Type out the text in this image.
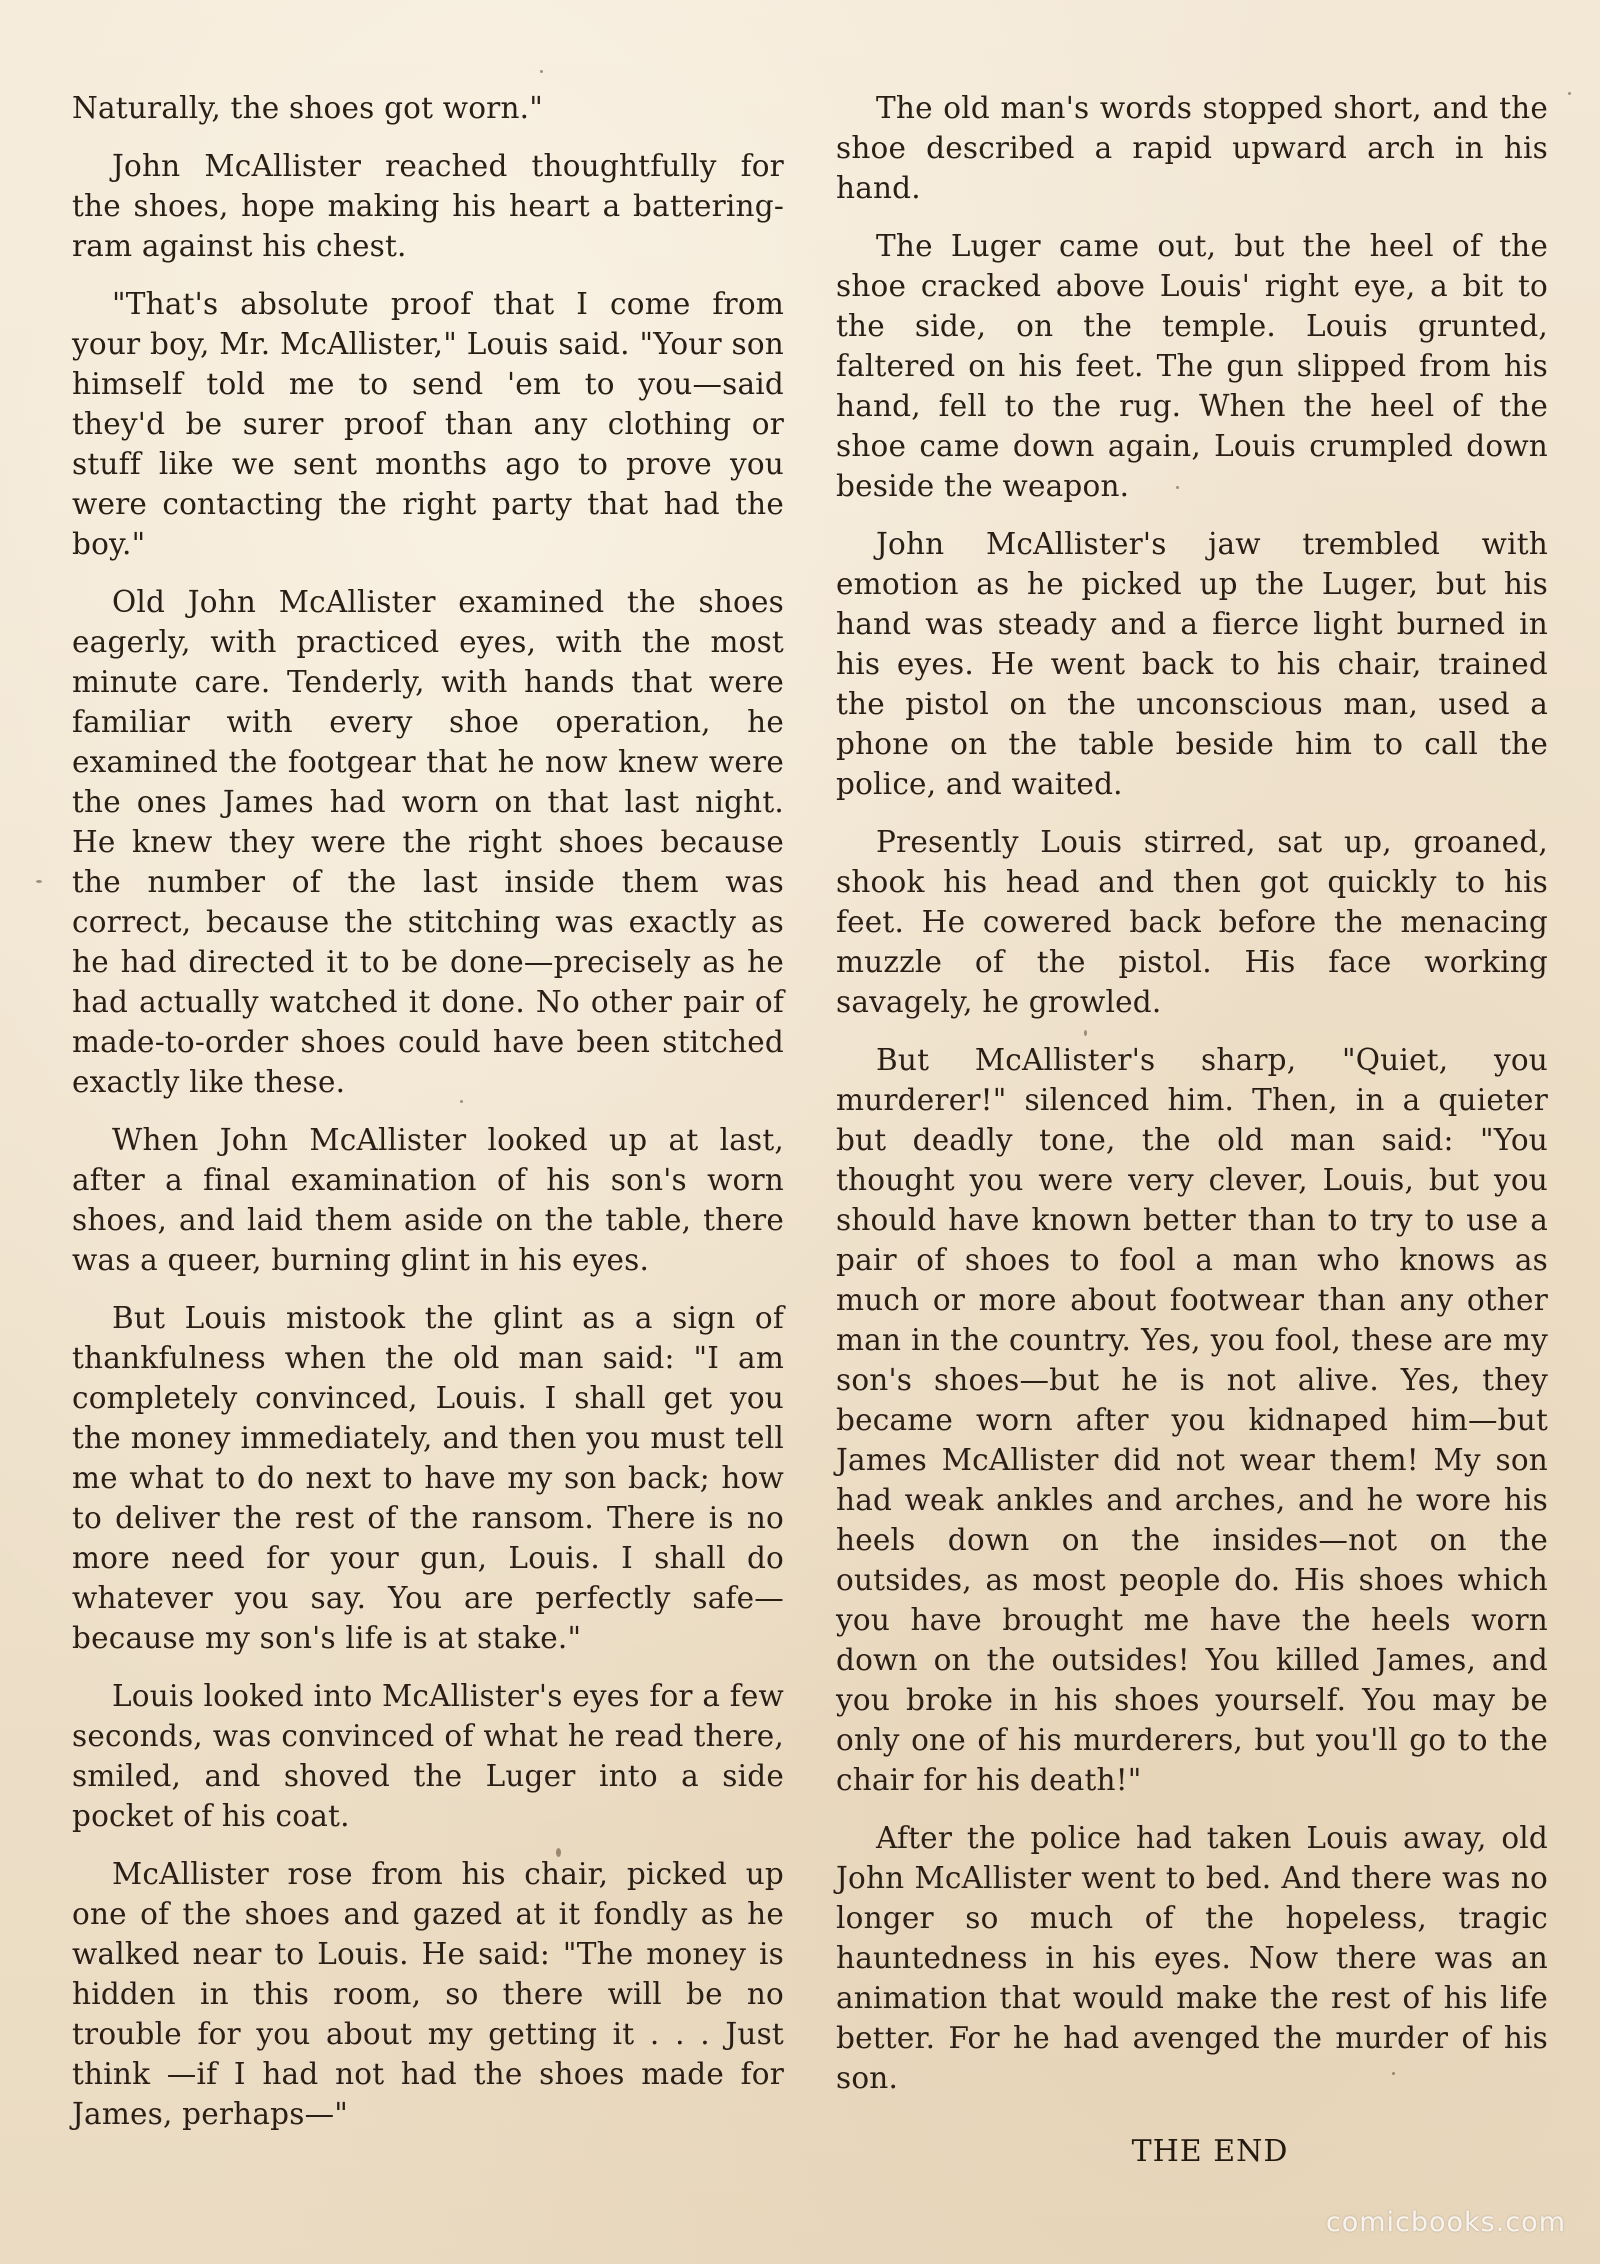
Naturally, the shoes got worn."

John McAllister reached thoughtfully for the shoes, hope making his heart a battering-ram against his chest.

"That's absolute proof that I come from your boy, Mr. McAllister," Louis said. "Your son himself told me to send 'em to you—said they'd be surer proof than any clothing or stuff like we sent months ago to prove you were contacting the right party that had the boy."

Old John McAllister examined the shoes eagerly, with practiced eyes, with the most minute care. Tenderly, with hands that were familiar with every shoe operation, he examined the footgear that he now knew were the ones James had worn on that last night. He knew they were the right shoes because the number of the last inside them was correct, because the stitching was exactly as he had directed it to be done—precisely as he had actually watched it done. No other pair of made-to-order shoes could have been stitched exactly like these.

When John McAllister looked up at last, after a final examination of his son's worn shoes, and laid them aside on the table, there was a queer, burning glint in his eyes.

But Louis mistook the glint as a sign of thankfulness when the old man said: "I am completely convinced, Louis. I shall get you the money immediately, and then you must tell me what to do next to have my son back; how to deliver the rest of the ransom. There is no more need for your gun, Louis. I shall do whatever you say. You are perfectly safe—because my son's life is at stake."

Louis looked into McAllister's eyes for a few seconds, was convinced of what he read there, smiled, and shoved the Luger into a side pocket of his coat.

McAllister rose from his chair, picked up one of the shoes and gazed at it fondly as he walked near to Louis. He said: "The money is hidden in this room, so there will be no trouble for you about my getting it . . . Just think —if I had not had the shoes made for James, perhaps—"

The old man's words stopped short, and the shoe described a rapid upward arch in his hand.

The Luger came out, but the heel of the shoe cracked above Louis' right eye, a bit to the side, on the temple. Louis grunted, faltered on his feet. The gun slipped from his hand, fell to the rug. When the heel of the shoe came down again, Louis crumpled down beside the weapon.

John McAllister's jaw trembled with emotion as he picked up the Luger, but his hand was steady and a fierce light burned in his eyes. He went back to his chair, trained the pistol on the unconscious man, used a phone on the table beside him to call the police, and waited.

Presently Louis stirred, sat up, groaned, shook his head and then got quickly to his feet. He cowered back before the menacing muzzle of the pistol. His face working savagely, he growled.

But McAllister's sharp, "Quiet, you murderer!" silenced him. Then, in a quieter but deadly tone, the old man said: "You thought you were very clever, Louis, but you should have known better than to try to use a pair of shoes to fool a man who knows as much or more about footwear than any other man in the country. Yes, you fool, these are my son's shoes—but he is not alive. Yes, they became worn after you kidnaped him—but James McAllister did not wear them! My son had weak ankles and arches, and he wore his heels down on the insides—not on the outsides, as most people do. His shoes which you have brought me have the heels worn down on the outsides! You killed James, and you broke in his shoes yourself. You may be only one of his murderers, but you'll go to the chair for his death!"

After the police had taken Louis away, old John McAllister went to bed. And there was no longer so much of the hopeless, tragic hauntedness in his eyes. Now there was an animation that would make the rest of his life better. For he had avenged the murder of his son.

THE END
comicbooks.com
